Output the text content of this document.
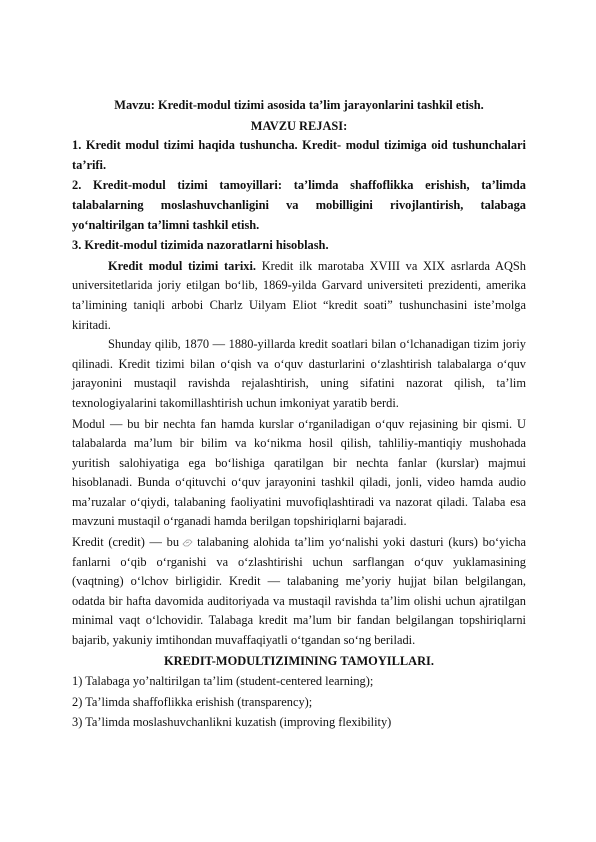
Mavzu: Kredit-modul tizimi asosida ta’lim jarayonlarini tashkil etish.

MAVZU REJASI:

1. Kredit modul tizimi haqida tushuncha. Kredit- modul tizimiga oid tushunchalari ta’rifi.

2. Kredit-modul tizimi tamoyillari: ta’limda shaffoflikka erishish, ta’limda talabalarning moslashuvchanligini va mobilligini rivojlantirish, talabaga yo‘naltirilgan ta’limni tashkil etish.

3. Kredit-modul tizimida nazoratlarni hisoblash.

Kredit modul tizimi tarixi. Kredit ilk marotaba XVIII va XIX asrlarda AQSh universitetlarida joriy etilgan bo‘lib, 1869-yilda Garvard universiteti prezidenti, amerika ta’limining taniqli arbobi Charlz Uilyam Eliot “kredit soati” tushunchasini iste’molga kiritadi.

Shunday qilib, 1870 — 1880-yillarda kredit soatlari bilan o‘lchanadigan tizim joriy qilinadi. Kredit tizimi bilan o‘qish va o‘quv dasturlarini o‘zlashtirish talabalarga o‘quv jarayonini mustaqil ravishda rejalashtirish, uning sifatini nazorat qilish, ta’lim texnologiyalarini takomillashtirish uchun imkoniyat yaratib berdi.

Modul — bu bir nechta fan hamda kurslar o‘rganiladigan o‘quv rejasining bir qismi. U talabalarda ma’lum bir bilim va ko‘nikma hosil qilish, tahliliy-mantiqiy mushohada yuritish salohiyatiga ega bo‘lishiga qaratilgan bir nechta fanlar (kurslar) majmui hisoblanadi. Bunda o‘qituvchi o‘quv jarayonini tashkil qiladi, jonli, video hamda audio ma’ruzalar o‘qiydi, talabaning faoliyatini muvofiqlashtiradi va nazorat qiladi. Talaba esa mavzuni mustaqil o‘rganadi hamda berilgan topshiriqlarni bajaradi.

Kredit (credit) — bu talabaning alohida ta’lim yo‘nalishi yoki dasturi (kurs) bo‘yicha fanlarni o‘qib o‘rganishi va o‘zlashtirishi uchun sarflangan o‘quv yuklamasining (vaqtning) o‘lchov birligidir. Kredit — talabaning me’yoriy hujjat bilan belgilangan, odatda bir hafta davomida auditoriyada va mustaqil ravishda ta’lim olishi uchun ajratilgan minimal vaqt o‘lchovidir. Talabaga kredit ma’lum bir fandan belgilangan topshiriqlarni bajarib, yakuniy imtihondan muvaffaqiyatli o‘tgandan so‘ng beriladi.

KREDIT-MODULTIZIMINING TAMOYILLARI.

1) Talabaga yo’naltirilgan ta’lim (student-centered learning);

2) Ta’limda shaffoflikka erishish (transparency);

3) Ta’limda moslashuvchanlikni kuzatish (improving flexibility)
